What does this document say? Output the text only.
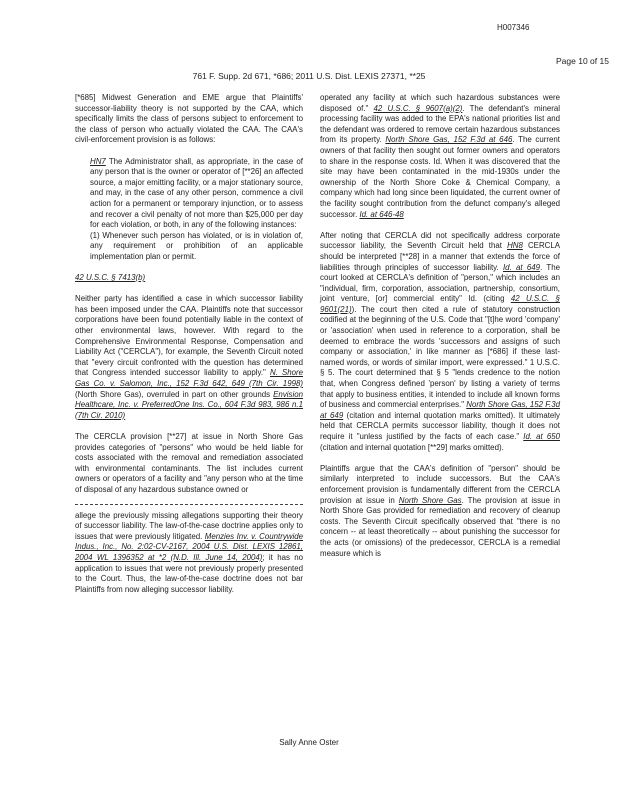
H007346
Page 10 of 15
761 F. Supp. 2d 671, *686; 2011 U.S. Dist. LEXIS 27371, **25

[*685] Midwest Generation and EME argue that Plaintiffs' successor-liability theory is not supported by the CAA, which specifically limits the class of persons subject to enforcement to the class of person who actually violated the CAA. The CAA's civil-enforcement provision is as follows:

HN7 The Administrator shall, as appropriate, in the case of any person that is the owner or operator of [**26] an affected source, a major emitting facility, or a major stationary source, and may, in the case of any other person, commence a civil action for a permanent or temporary injunction, or to assess and recover a civil penalty of not more than $25,000 per day for each violation, or both, in any of the following instances:

(1) Whenever such person has violated, or is in violation of, any requirement or prohibition of an applicable implementation plan or permit.

42 U.S.C. § 7413(b)

Neither party has identified a case in which successor liability has been imposed under the CAA. Plaintiffs note that successor corporations have been found potentially liable in the context of other environmental laws, however. With regard to the Comprehensive Environmental Response, Compensation and Liability Act ("CERCLA"), for example, the Seventh Circuit noted that "every circuit confronted with the question has determined that Congress intended successor liability to apply." N. Shore Gas Co. v. Salomon, Inc., 152 F.3d 642, 649 (7th Cir. 1998) (North Shore Gas), overruled in part on other grounds Envision Healthcare, Inc. v. PreferredOne Ins. Co., 604 F.3d 983, 986 n.1 (7th Cir. 2010)

The CERCLA provision [**27] at issue in North Shore Gas provides categories of "persons" who would be held liable for costs associated with the removal and remediation associated with environmental contaminants. The list includes current owners or operators of a facility and "any person who at the time of disposal of any hazardous substance owned or

allege the previously missing allegations supporting their theory of successor liability. The law-of-the-case doctrine applies only to issues that were previously litigated. Menzies Inv. v. Countrywide Indus., Inc., No. 2:02-CV-2167, 2004 U.S. Dist. LEXIS 12861, 2004 WL 1396352 at *2 (N.D. Ill. June 14, 2004); it has no application to issues that were not previously properly presented to the Court. Thus, the law-of-the-case doctrine does not bar Plaintiffs from now alleging successor liability.

operated any facility at which such hazardous substances were disposed of." 42 U.S.C. § 9607(a)(2). The defendant's mineral processing facility was added to the EPA's national priorities list and the defendant was ordered to remove certain hazardous substances from its property. North Shore Gas, 152 F.3d at 646. The current owners of that facility then sought out former owners and operators to share in the response costs. Id. When it was discovered that the site may have been contaminated in the mid-1930s under the ownership of the North Shore Coke & Chemical Company, a company which had long since been liquidated, the current owner of the facility sought contribution from the defunct company's alleged successor. Id. at 646-48

After noting that CERCLA did not specifically address corporate successor liability, the Seventh Circuit held that HN8 CERCLA should be interpreted [**28] in a manner that extends the force of liabilities through principles of successor liability. Id. at 649. The court looked at CERCLA's definition of "person," which includes an "individual, firm, corporation, association, partnership, consortium, joint venture, [or] commercial entity" Id. (citing 42 U.S.C. § 9601(21)). The court then cited a rule of statutory construction codified at the beginning of the U.S. Code that "[t]he word 'company' or 'association' when used in reference to a corporation, shall be deemed to embrace the words 'successors and assigns of such company or association,' in like manner as [*686] if these last-named words, or words of similar import, were expressed." 1 U.S.C. § 5. The court determined that § 5 "lends credence to the notion that, when Congress defined 'person' by listing a variety of terms that apply to business entities, it intended to include all known forms of business and commercial enterprises." North Shore Gas, 152 F.3d at 649 (citation and internal quotation marks omitted). It ultimately held that CERCLA permits successor liability, though it does not require it "unless justified by the facts of each case." Id. at 650 (citation and internal quotation [**29] marks omitted).

Plaintiffs argue that the CAA's definition of "person" should be similarly interpreted to include successors. But the CAA's enforcement provision is fundamentally different from the CERCLA provision at issue in North Shore Gas. The provision at issue in North Shore Gas provided for remediation and recovery of cleanup costs. The Seventh Circuit specifically observed that "there is no concern -- at least theoretically -- about punishing the successor for the acts (or omissions) of the predecessor, CERCLA is a remedial measure which is

Sally Anne Oster
